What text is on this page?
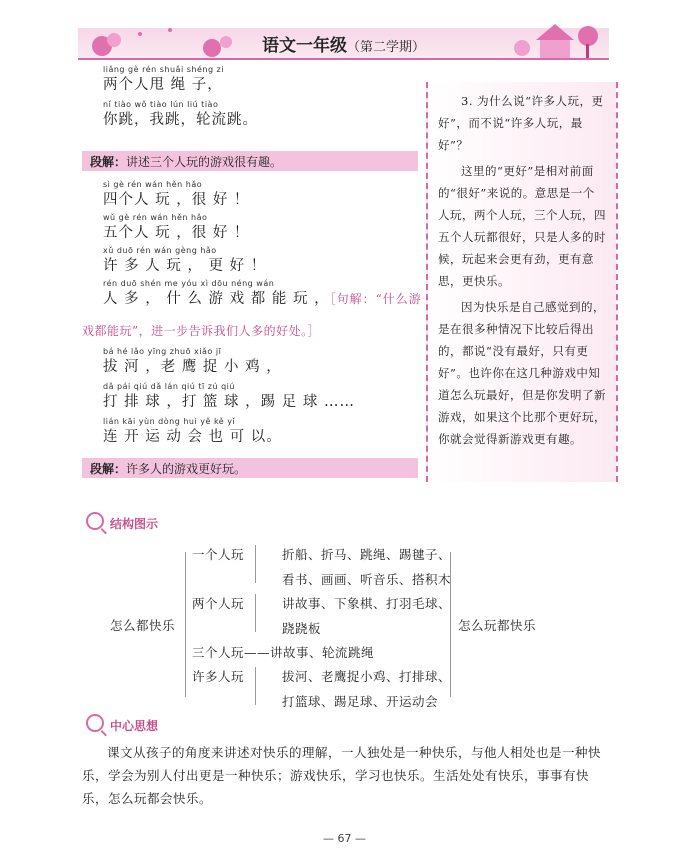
语文一年级（第二学期）
liǎng gè rén shuǎi shéng zi
两个人甩 绳 子，
nǐ tiào wǒ tiào lún liú tiào
你跳，我跳，轮流跳。
段解：讲述三个人玩的游戏很有趣。
sì gè rén wán hěn hǎo
四个人 玩 ，很 好 ！
wǔ gè rén wán hěn hǎo
五个人 玩 ，很 好 ！
xǔ duō rén wán gèng hǎo
许 多 人 玩 ， 更 好 ！
rén duō shén me yóu xì dōu néng wán
人 多 ， 什 么 游 戏 都 能 玩 ，［句解：“什么游
戏都能玩”，进一步告诉我们人多的好处。］
bá hé lǎo yīng zhuō xiǎo jī
拔 河 ，老 鹰 捉 小 鸡 ，
dǎ pái qiú dǎ lán qiú tī zú qiú
打 排 球 ，打 篮 球 ，踢 足 球 ……
lián kāi yùn dòng huì yě kě yǐ
连 开 运 动 会 也 可 以。
段解：许多人的游戏更好玩。

3. 为什么说“许多人玩，更好”，而不说“许多人玩，最好”？

这里的“更好”是相对前面的“很好”来说的。意思是一个人玩，两个人玩，三个人玩，四五个人玩都很好，只是人多的时候，玩起来会更有劲，更有意思，更快乐。

因为快乐是自己感觉到的，是在很多种情况下比较后得出的，都说“没有最好，只有更好”。也许你在这几种游戏中知道怎么玩最好，但是你发明了新游戏，如果这个比那个更好玩，你就会觉得新游戏更有趣。

结构图示
怎么都快乐
一个人玩	折船、折马、跳绳、踢毽子、
看书、画画、听音乐、搭积木
两个人玩	讲故事、下象棋、打羽毛球、
跷跷板
三个人玩——讲故事、轮流跳绳
许多人玩	拔河、老鹰捉小鸡、打排球、
打篮球、踢足球、开运动会
怎么玩都快乐
中心思想

课文从孩子的角度来讲述对快乐的理解，一人独处是一种快乐，与他人相处也是一种快乐，学会为别人付出更是一种快乐；游戏快乐，学习也快乐。生活处处有快乐，事事有快乐，怎么玩都会快乐。

— 67 —
